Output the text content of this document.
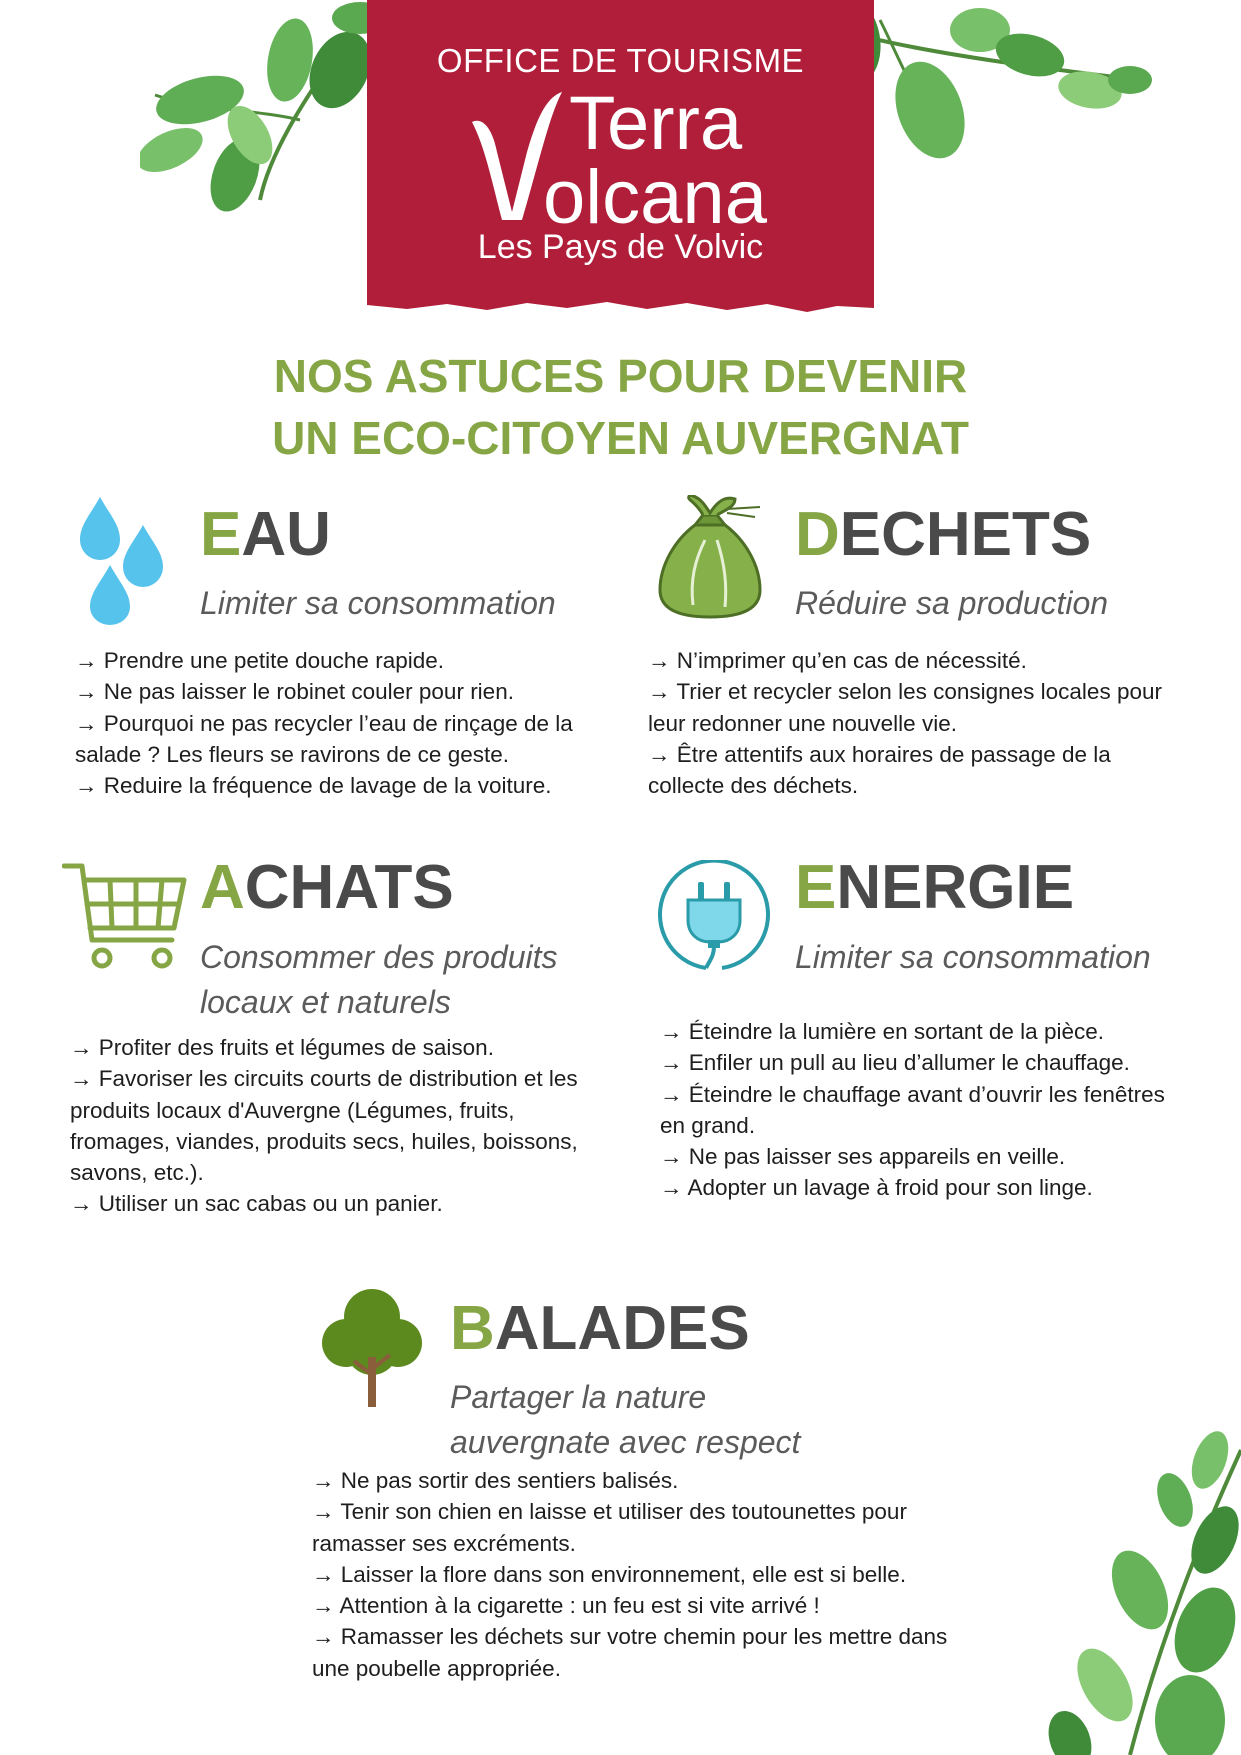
OFFICE DE TOURISME
Terra
olcana
Les Pays de Volvic
NOS ASTUCES POUR DEVENIR
UN ECO-CITOYEN AUVERGNAT
EAU
Limiter sa consommation
→ Prendre une petite douche rapide.
→ Ne pas laisser le robinet couler pour rien.
→ Pourquoi ne pas recycler l’eau de rinçage de la salade ? Les fleurs se ravirons de ce geste.
→ Reduire la fréquence de lavage de la voiture.
DECHETS
Réduire sa production
→ N’imprimer qu’en cas de nécessité.
→ Trier et recycler selon les consignes locales pour leur redonner une nouvelle vie.
→ Être attentifs aux horaires de passage de la collecte des déchets.
ACHATS
Consommer des produits
locaux et naturels
→ Profiter des fruits et légumes de saison.
→ Favoriser les circuits courts de distribution et les produits locaux d'Auvergne (Légumes, fruits, fromages, viandes, produits secs, huiles, boissons, savons, etc.).
→ Utiliser un sac cabas ou un panier.
ENERGIE
Limiter sa consommation
→ Éteindre la lumière en sortant de la pièce.
→ Enfiler un pull au lieu d’allumer le chauffage.
→ Éteindre le chauffage avant d’ouvrir les fenêtres en grand.
→ Ne pas laisser ses appareils en veille.
→ Adopter un lavage à froid pour son linge.
BALADES
Partager la nature
auvergnate avec respect
→ Ne pas sortir des sentiers balisés.
→ Tenir son chien en laisse et utiliser des toutounettes pour ramasser ses excréments.
→ Laisser la flore dans son environnement, elle est si belle.
→ Attention à la cigarette : un feu est si vite arrivé !
→ Ramasser les déchets sur votre chemin pour les mettre dans une poubelle appropriée.
